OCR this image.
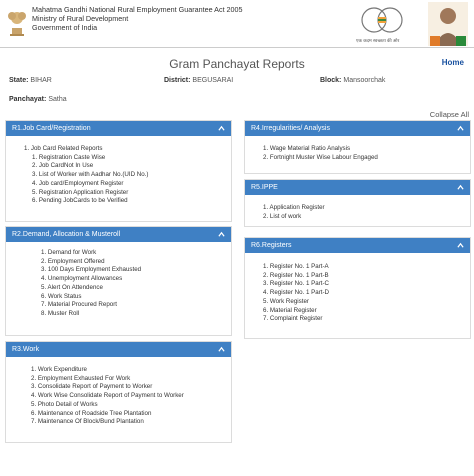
Mahatma Gandhi National Rural Employment Guarantee Act 2005
Ministry of Rural Development
Government of India
एक कदम स्वच्छता की ओर
Gram Panchayat Reports	Home
State: BIHAR	District: BEGUSARAI	Block: Mansoorchak
Panchayat: Satha
Collapse All
R1.Job Card/Registration
1. Job Card Related Reports
1. Registration Caste Wise
2. Job CardNot In Use
3. List of Worker with Aadhar No.(UID No.)
4. Job card/Employment Register
5. Registration Application Register
6. Pending JobCards to be Verified
R2.Demand, Allocation & Musteroll
1. Demand for Work
2. Employment Offered
3. 100 Days Employment Exhausted
4. Unemployment Allowances
5. Alert On Attendence
6. Work Status
7. Material Procured Report
8. Muster Roll
R3.Work
1. Work Expenditure
2. Employment Exhausted For Work
3. Consolidate Report of Payment to Worker
4. Work Wise Consolidate Report of Payment to Worker
5. Photo Detail of Works
6. Maintenance of Roadside Tree Plantation
7. Maintenance Of Block/Bund Plantation
R4.Irregularities/ Analysis
1. Wage Material Ratio Analysis
2. Fortnight Muster Wise Labour Engaged
R5.IPPE
1. Application Register
2. List of work
R6.Registers
1. Register No. 1 Part-A
2. Register No. 1 Part-B
3. Register No. 1 Part-C
4. Register No. 1 Part-D
5. Work Register
6. Material Register
7. Complaint Register
